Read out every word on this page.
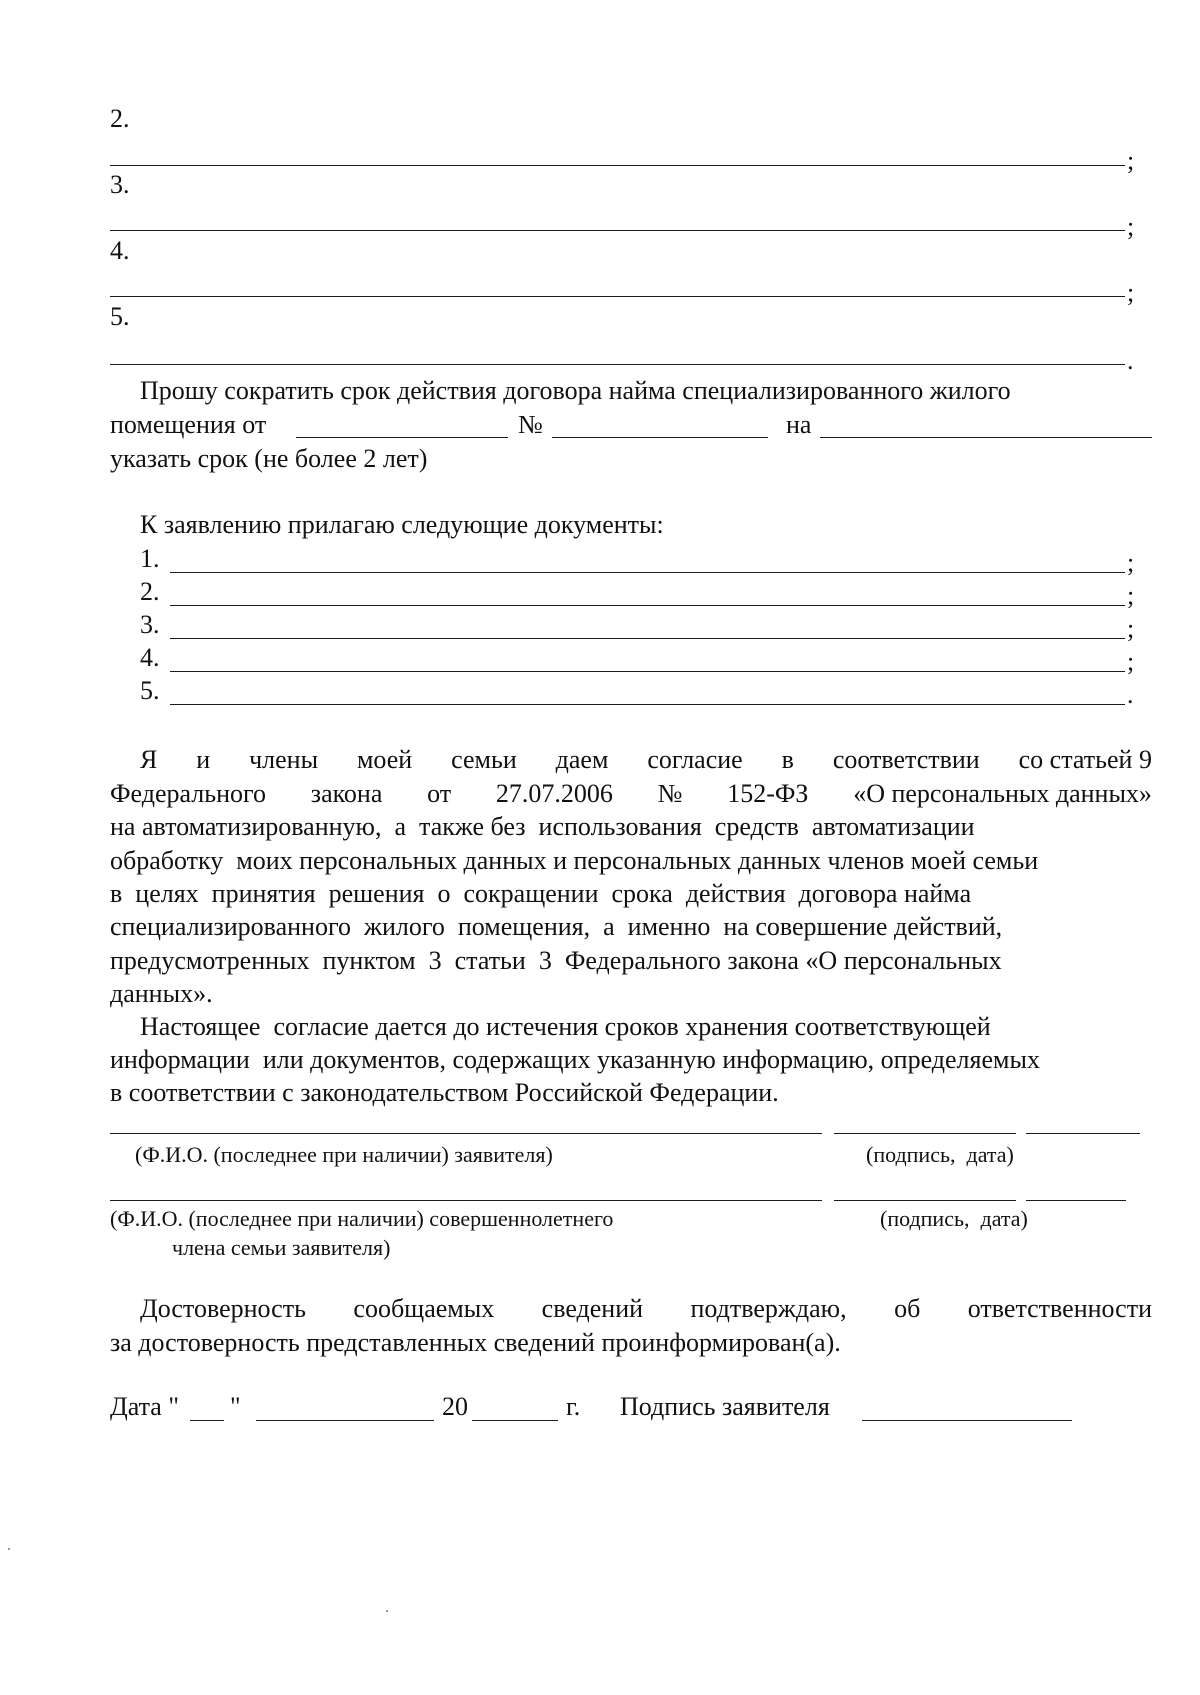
2.
;
3.
;
4.
;
5.
.
Прошу сократить срок действия договора найма специализированного жилого
помещения от	№	на
указать срок (не более 2 лет)
К заявлению прилагаю следующие документы:
1.	;
2.	;
3.	;
4.	;
5.	.
Я и члены моей семьи даем согласие в соответствии со статьей 9
Федерального закона от 27.07.2006 № 152-ФЗ «О персональных данных»
на автоматизированную,  а  также без  использования  средств  автоматизации
обработку  моих персональных данных и персональных данных членов моей семьи
в  целях  принятия  решения  о  сокращении  срока  действия  договора найма
специализированного  жилого  помещения,  а  именно  на совершение действий,
предусмотренных  пунктом  3  статьи  3  Федерального закона «О персональных
данных».
Настоящее  согласие дается до истечения сроков хранения соответствующей
информации  или документов, содержащих указанную информацию, определяемых
в соответствии с законодательством Российской Федерации.
(Ф.И.О. (последнее при наличии) заявителя)	(подпись,  дата)
(Ф.И.О. (последнее при наличии) совершеннолетнего
члена семьи заявителя)
(подпись,  дата)
Достоверность сообщаемых сведений подтверждаю, об ответственности
за достоверность представленных сведений проинформирован(а).
Дата " "	20	г. Подпись заявителя
